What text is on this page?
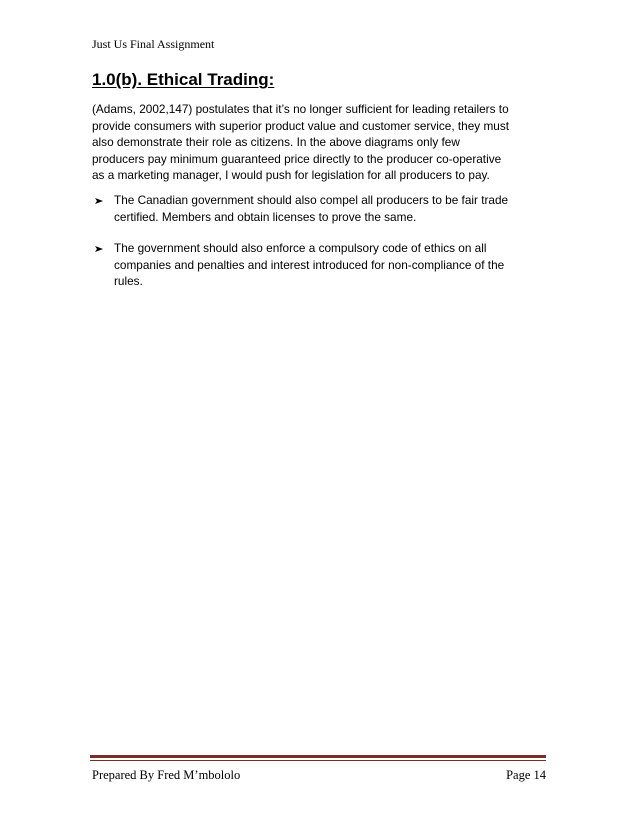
Just Us Final Assignment
1.0(b). Ethical Trading:
(Adams, 2002,147) postulates that it’s no longer sufficient for leading retailers to
provide consumers with superior product value and customer service, they must
also demonstrate their role as citizens. In the above diagrams only few
producers pay minimum guaranteed price directly to the producer co-operative
as a marketing manager, I would push for legislation for all producers to pay.
The Canadian government should also compel all producers to be fair trade
certified. Members and obtain licenses to prove the same.
The government should also enforce a compulsory code of ethics on all
companies and penalties and interest introduced for non-compliance of the
rules.
Prepared By Fred M’mbololo	Page 14
